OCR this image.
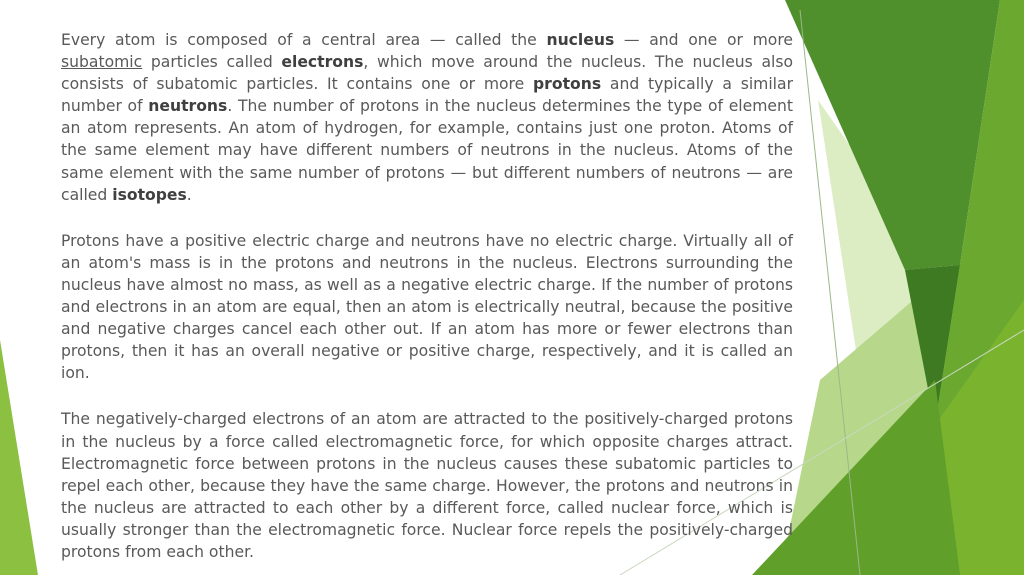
Every atom is composed of a central area — called the nucleus — and one or more subatomic particles called electrons, which move around the nucleus. The nucleus also consists of subatomic particles. It contains one or more protons and typically a similar number of neutrons. The number of protons in the nucleus determines the type of element an atom represents. An atom of hydrogen, for example, contains just one proton. Atoms of the same element may have different numbers of neutrons in the nucleus. Atoms of the same element with the same number of protons — but different numbers of neutrons — are called isotopes.

Protons have a positive electric charge and neutrons have no electric charge. Virtually all of an atom's mass is in the protons and neutrons in the nucleus. Electrons surrounding the nucleus have almost no mass, as well as a negative electric charge. If the number of protons and electrons in an atom are equal, then an atom is electrically neutral, because the positive and negative charges cancel each other out. If an atom has more or fewer electrons than protons, then it has an overall negative or positive charge, respectively, and it is called an ion.

The negatively-charged electrons of an atom are attracted to the positively-charged protons in the nucleus by a force called electromagnetic force, for which opposite charges attract. Electromagnetic force between protons in the nucleus causes these subatomic particles to repel each other, because they have the same charge. However, the protons and neutrons in the nucleus are attracted to each other by a different force, called nuclear force, which is usually stronger than the electromagnetic force. Nuclear force repels the positively-charged protons from each other.
